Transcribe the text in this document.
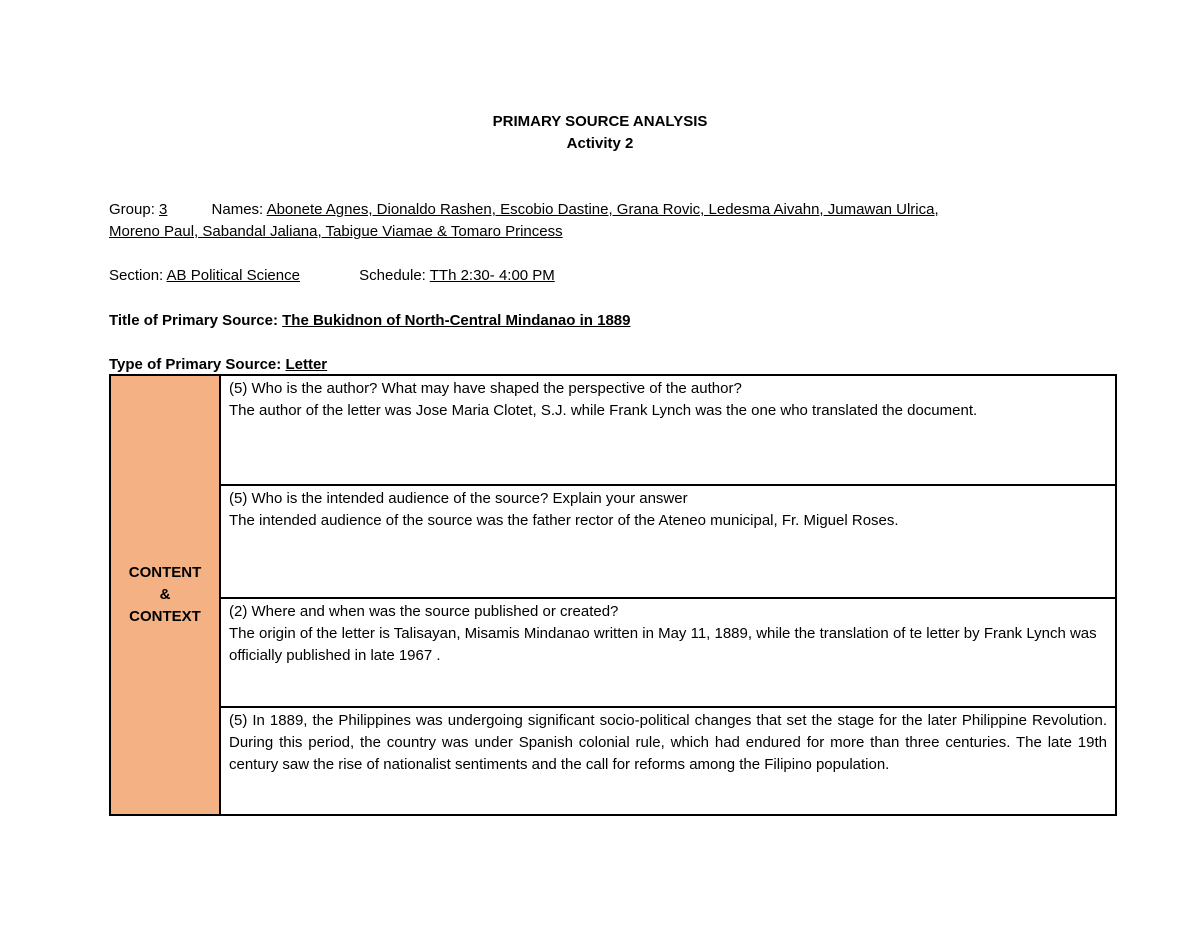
PRIMARY SOURCE ANALYSIS
Activity 2
Group: 3	Names: Abonete Agnes, Dionaldo Rashen, Escobio Dastine, Grana Rovic, Ledesma Aivahn, Jumawan Ulrica,
Moreno Paul, Sabandal Jaliana, Tabigue Viamae & Tomaro Princess
Section: AB Political Science	Schedule: TTh 2:30- 4:00 PM
Title of Primary Source: The Bukidnon of North-Central Mindanao in 1889
Type of Primary Source: Letter
CONTENT
&
CONTEXT

(5) Who is the author? What may have shaped the perspective of the author?
The author of the letter was Jose Maria Clotet, S.J. while Frank Lynch was the one who translated the document.

(5) Who is the intended audience of the source? Explain your answer
The intended audience of the source was the father rector of the Ateneo municipal, Fr. Miguel Roses.

(2) Where and when was the source published or created?
The origin of the letter is Talisayan, Misamis Mindanao written in May 11, 1889, while the translation of te letter by Frank Lynch was officially published in late 1967 .

(5) In 1889, the Philippines was undergoing significant socio-political changes that set the stage for the later Philippine Revolution. During this period, the country was under Spanish colonial rule, which had endured for more than three centuries. The late 19th century saw the rise of nationalist sentiments and the call for reforms among the Filipino population.
